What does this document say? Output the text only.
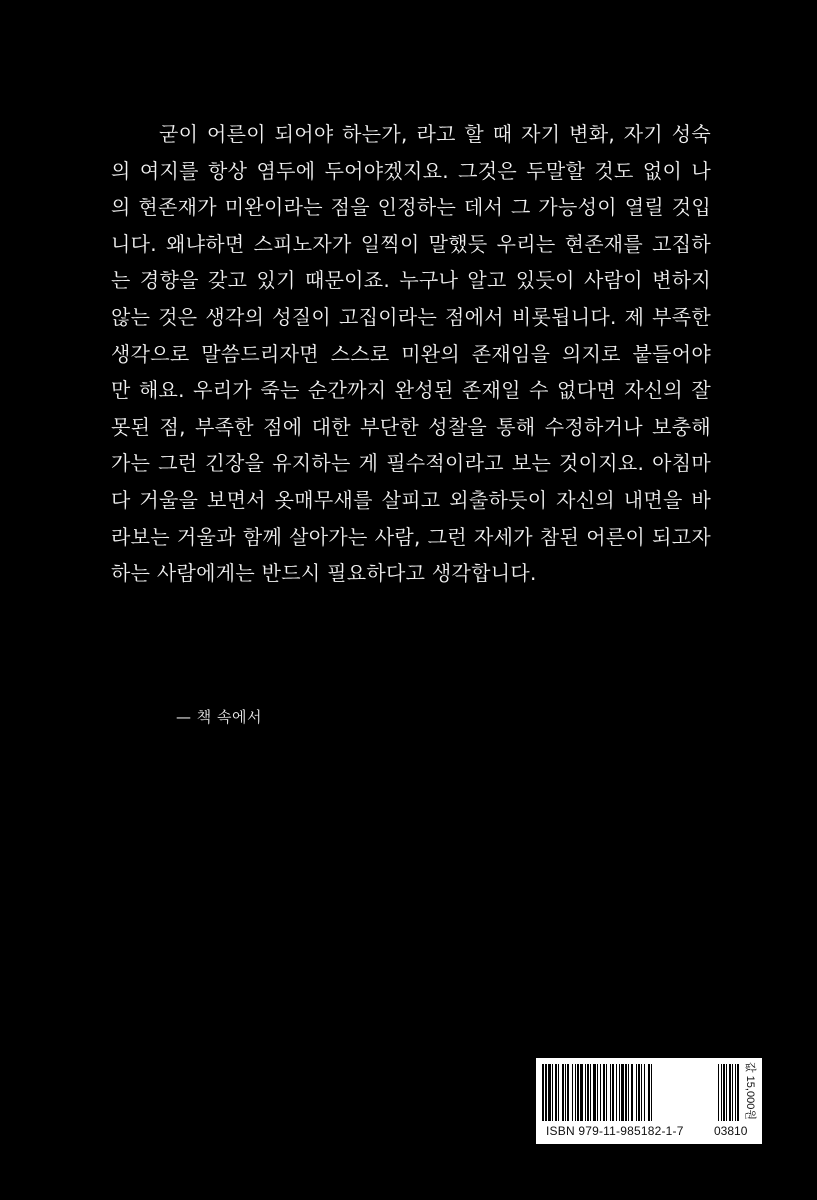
굳이 어른이 되어야 하는가, 라고 할 때 자기 변화, 자기 성숙
의 여지를 항상 염두에 두어야겠지요. 그것은 두말할 것도 없이 나
의 현존재가 미완이라는 점을 인정하는 데서 그 가능성이 열릴 것입
니다. 왜냐하면 스피노자가 일찍이 말했듯 우리는 현존재를 고집하
는 경향을 갖고 있기 때문이죠. 누구나 알고 있듯이 사람이 변하지
않는 것은 생각의 성질이 고집이라는 점에서 비롯됩니다. 제 부족한
생각으로 말씀드리자면 스스로 미완의 존재임을 의지로 붙들어야
만 해요. 우리가 죽는 순간까지 완성된 존재일 수 없다면 자신의 잘
못된 점, 부족한 점에 대한 부단한 성찰을 통해 수정하거나 보충해
가는 그런 긴장을 유지하는 게 필수적이라고 보는 것이지요. 아침마
다 거울을 보면서 옷매무새를 살피고 외출하듯이 자신의 내면을 바
라보는 거울과 함께 살아가는 사람, 그런 자세가 참된 어른이 되고자
하는 사람에게는 반드시 필요하다고 생각합니다.
— 책 속에서
ISBN 979-11-985182-1-7	03810
값 15,000원
